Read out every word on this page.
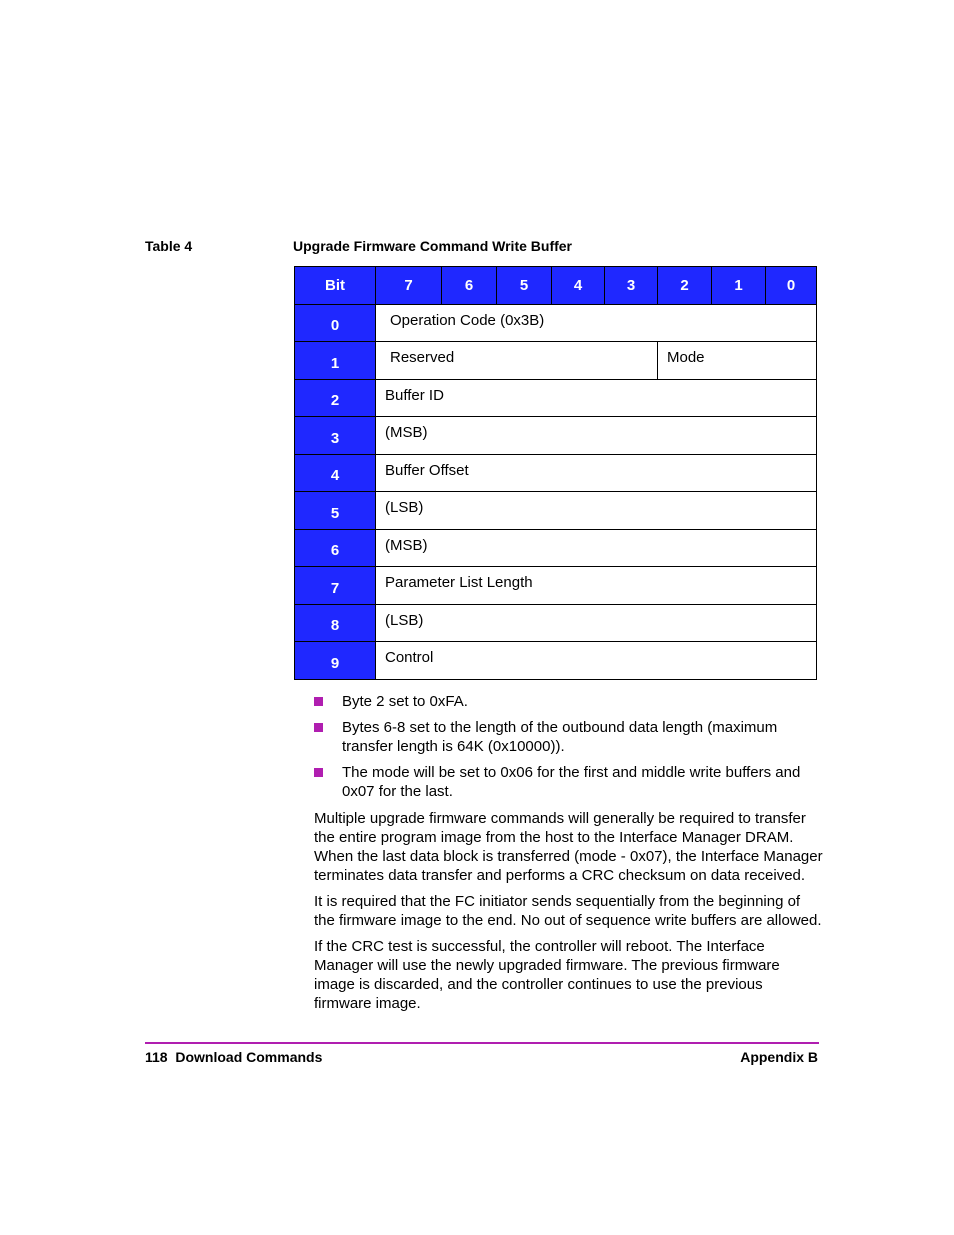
Table 4	Upgrade Firmware Command Write Buffer
Bit	7	6	5	4	3	2	1	0
0	Operation Code (0x3B)							
1	Reserved					Mode		
2	Buffer ID							
3	(MSB)							
4	Buffer Offset							
5	(LSB)							
6	(MSB)							
7	Parameter List Length							
8	(LSB)							
9	Control							
Byte 2 set to 0xFA.
Bytes 6-8 set to the length of the outbound data length (maximum transfer length is 64K (0x10000)).
The mode will be set to 0x06 for the first and middle write buffers and 0x07 for the last.

Multiple upgrade firmware commands will generally be required to transfer the entire program image from the host to the Interface Manager DRAM. When the last data block is transferred (mode - 0x07), the Interface Manager terminates data transfer and performs a CRC checksum on data received.

It is required that the FC initiator sends sequentially from the beginning of the firmware image to the end. No out of sequence write buffers are allowed.

If the CRC test is successful, the controller will reboot. The Interface Manager will use the newly upgraded firmware. The previous firmware image is discarded, and the controller continues to use the previous firmware image.

118  Download Commands	Appendix B
